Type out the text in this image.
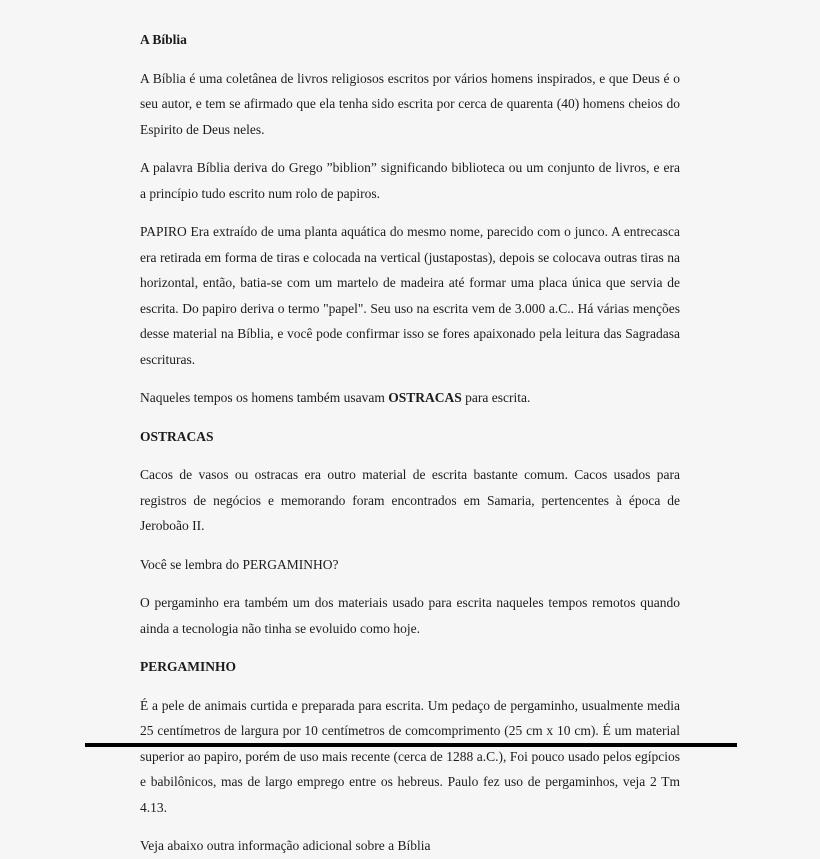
A Bíblia

A Bíblia é uma coletânea de livros religiosos escritos por vários homens inspirados, e que Deus é o seu autor, e tem se afirmado que ela tenha sido escrita por cerca de quarenta (40) homens cheios do Espirito de Deus neles.

A palavra Bíblia deriva do Grego ”biblion” significando biblioteca ou um conjunto de livros, e era a princípio tudo escrito num rolo de papiros.

PAPIRO Era extraído de uma planta aquática do mesmo nome, parecido com o junco. A entrecasca era retirada em forma de tiras e colocada na vertical (justapostas), depois se colocava outras tiras na horizontal, então, batia-se com um martelo de madeira até formar uma placa única que servia de escrita. Do papiro deriva o termo "papel". Seu uso na escrita vem de 3.000 a.C.. Há várias menções desse material na Bíblia, e você pode confirmar isso se fores apaixonado pela leitura das Sagradasa escrituras.

Naqueles tempos os homens também usavam OSTRACAS para escrita.

OSTRACAS

Cacos de vasos ou ostracas era outro material de escrita bastante comum. Cacos usados para registros de negócios e memorando foram encontrados em Samaria, pertencentes à época de Jeroboão II.

Você se lembra do PERGAMINHO?

O pergaminho era também um dos materiais usado para escrita naqueles tempos remotos quando ainda a tecnologia não tinha se evoluido como hoje.

PERGAMINHO

É a pele de animais curtida e preparada para escrita. Um pedaço de pergaminho, usualmente media 25 centímetros de largura por 10 centímetros de comcomprimento (25 cm x 10 cm). É um material superior ao papiro, porém de uso mais recente (cerca de 1288 a.C.), Foi pouco usado pelos egípcios e babilônicos, mas de largo emprego entre os hebreus. Paulo fez uso de pergaminhos, veja 2 Tm 4.13.

Veja abaixo outra informação adicional sobre a Bíblia
